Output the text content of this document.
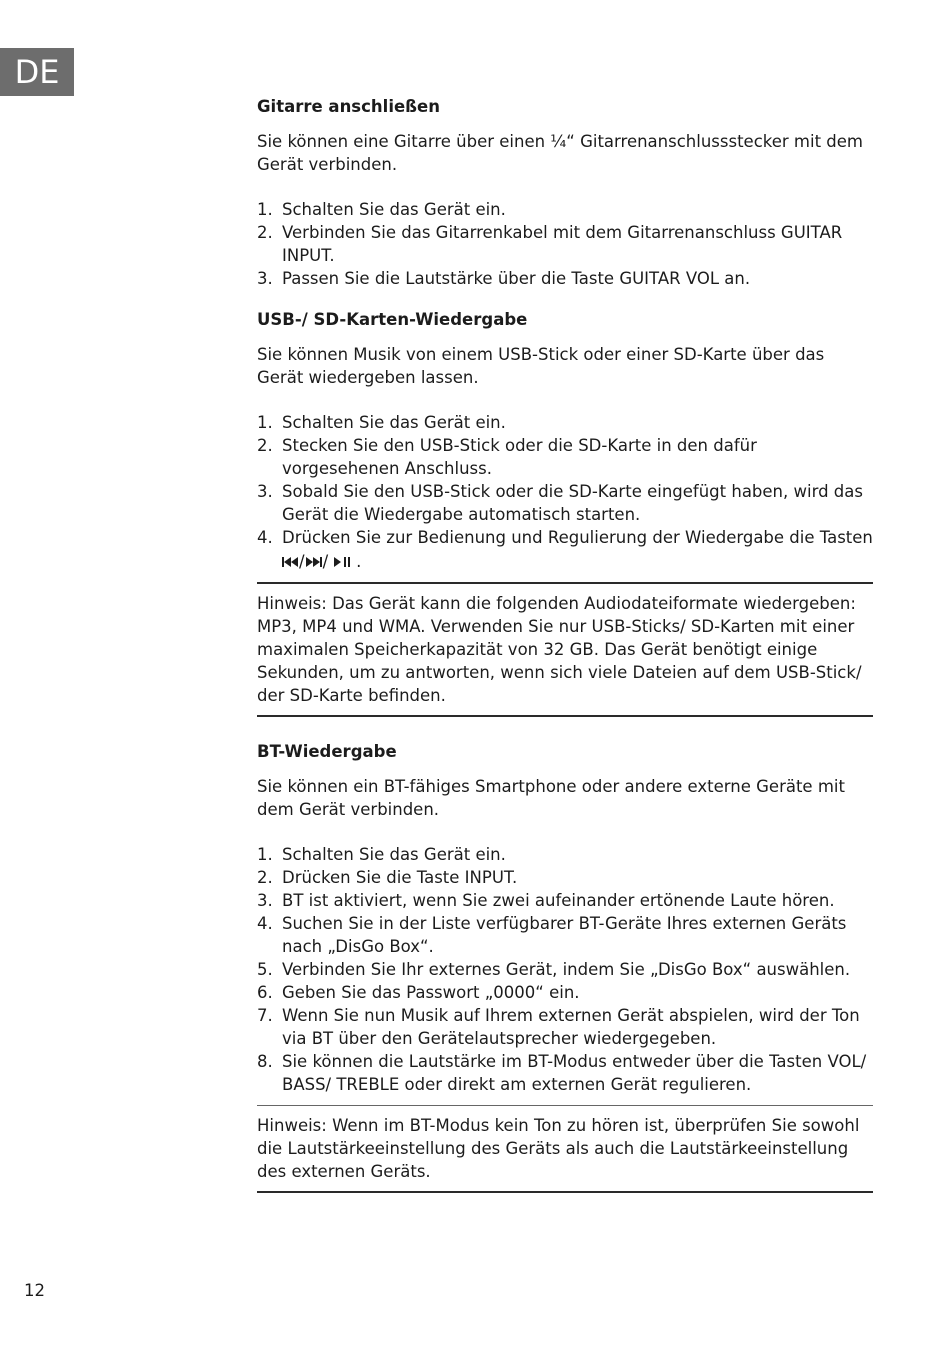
DE
Gitarre anschließen

Sie können eine Gitarre über einen ¼“ Gitarrenanschlussstecker mit dem Gerät verbinden.

1. Schalten Sie das Gerät ein.
2. Verbinden Sie das Gitarrenkabel mit dem Gitarrenanschluss GUITAR INPUT.
3. Passen Sie die Lautstärke über die Taste GUITAR VOL an.
USB-/ SD-Karten-Wiedergabe

Sie können Musik von einem USB-Stick oder einer SD-Karte über das Gerät wiedergeben lassen.

1. Schalten Sie das Gerät ein.
2. Stecken Sie den USB-Stick oder die SD-Karte in den dafür vorgesehenen Anschluss.
3. Sobald Sie den USB-Stick oder die SD-Karte eingefügt haben, wird das Gerät die Wiedergabe automatisch starten.
4. Drücken Sie zur Bedienung und Regulierung der Wiedergabe die Tasten

/ / .

Hinweis: Das Gerät kann die folgenden Audiodateiformate wiedergeben: MP3, MP4 und WMA. Verwenden Sie nur USB-Sticks/ SD-Karten mit einer maximalen Speicherkapazität von 32 GB. Das Gerät benötigt einige Sekunden, um zu antworten, wenn sich viele Dateien auf dem USB-Stick/ der SD-Karte befinden.

BT-Wiedergabe

Sie können ein BT-fähiges Smartphone oder andere externe Geräte mit dem Gerät verbinden.

1. Schalten Sie das Gerät ein.
2. Drücken Sie die Taste INPUT.
3. BT ist aktiviert, wenn Sie zwei aufeinander ertönende Laute hören.
4. Suchen Sie in der Liste verfügbarer BT-Geräte Ihres externen Geräts nach „DisGo Box“.
5. Verbinden Sie Ihr externes Gerät, indem Sie „DisGo Box“ auswählen.
6. Geben Sie das Passwort „0000“ ein.
7. Wenn Sie nun Musik auf Ihrem externen Gerät abspielen, wird der Ton via BT über den Gerätelautsprecher wiedergegeben.
8. Sie können die Lautstärke im BT-Modus entweder über die Tasten VOL/ BASS/ TREBLE oder direkt am externen Gerät regulieren.

Hinweis: Wenn im BT-Modus kein Ton zu hören ist, überprüfen Sie sowohl die Lautstärkeeinstellung des Geräts als auch die Lautstärkeeinstellung des externen Geräts.

12
